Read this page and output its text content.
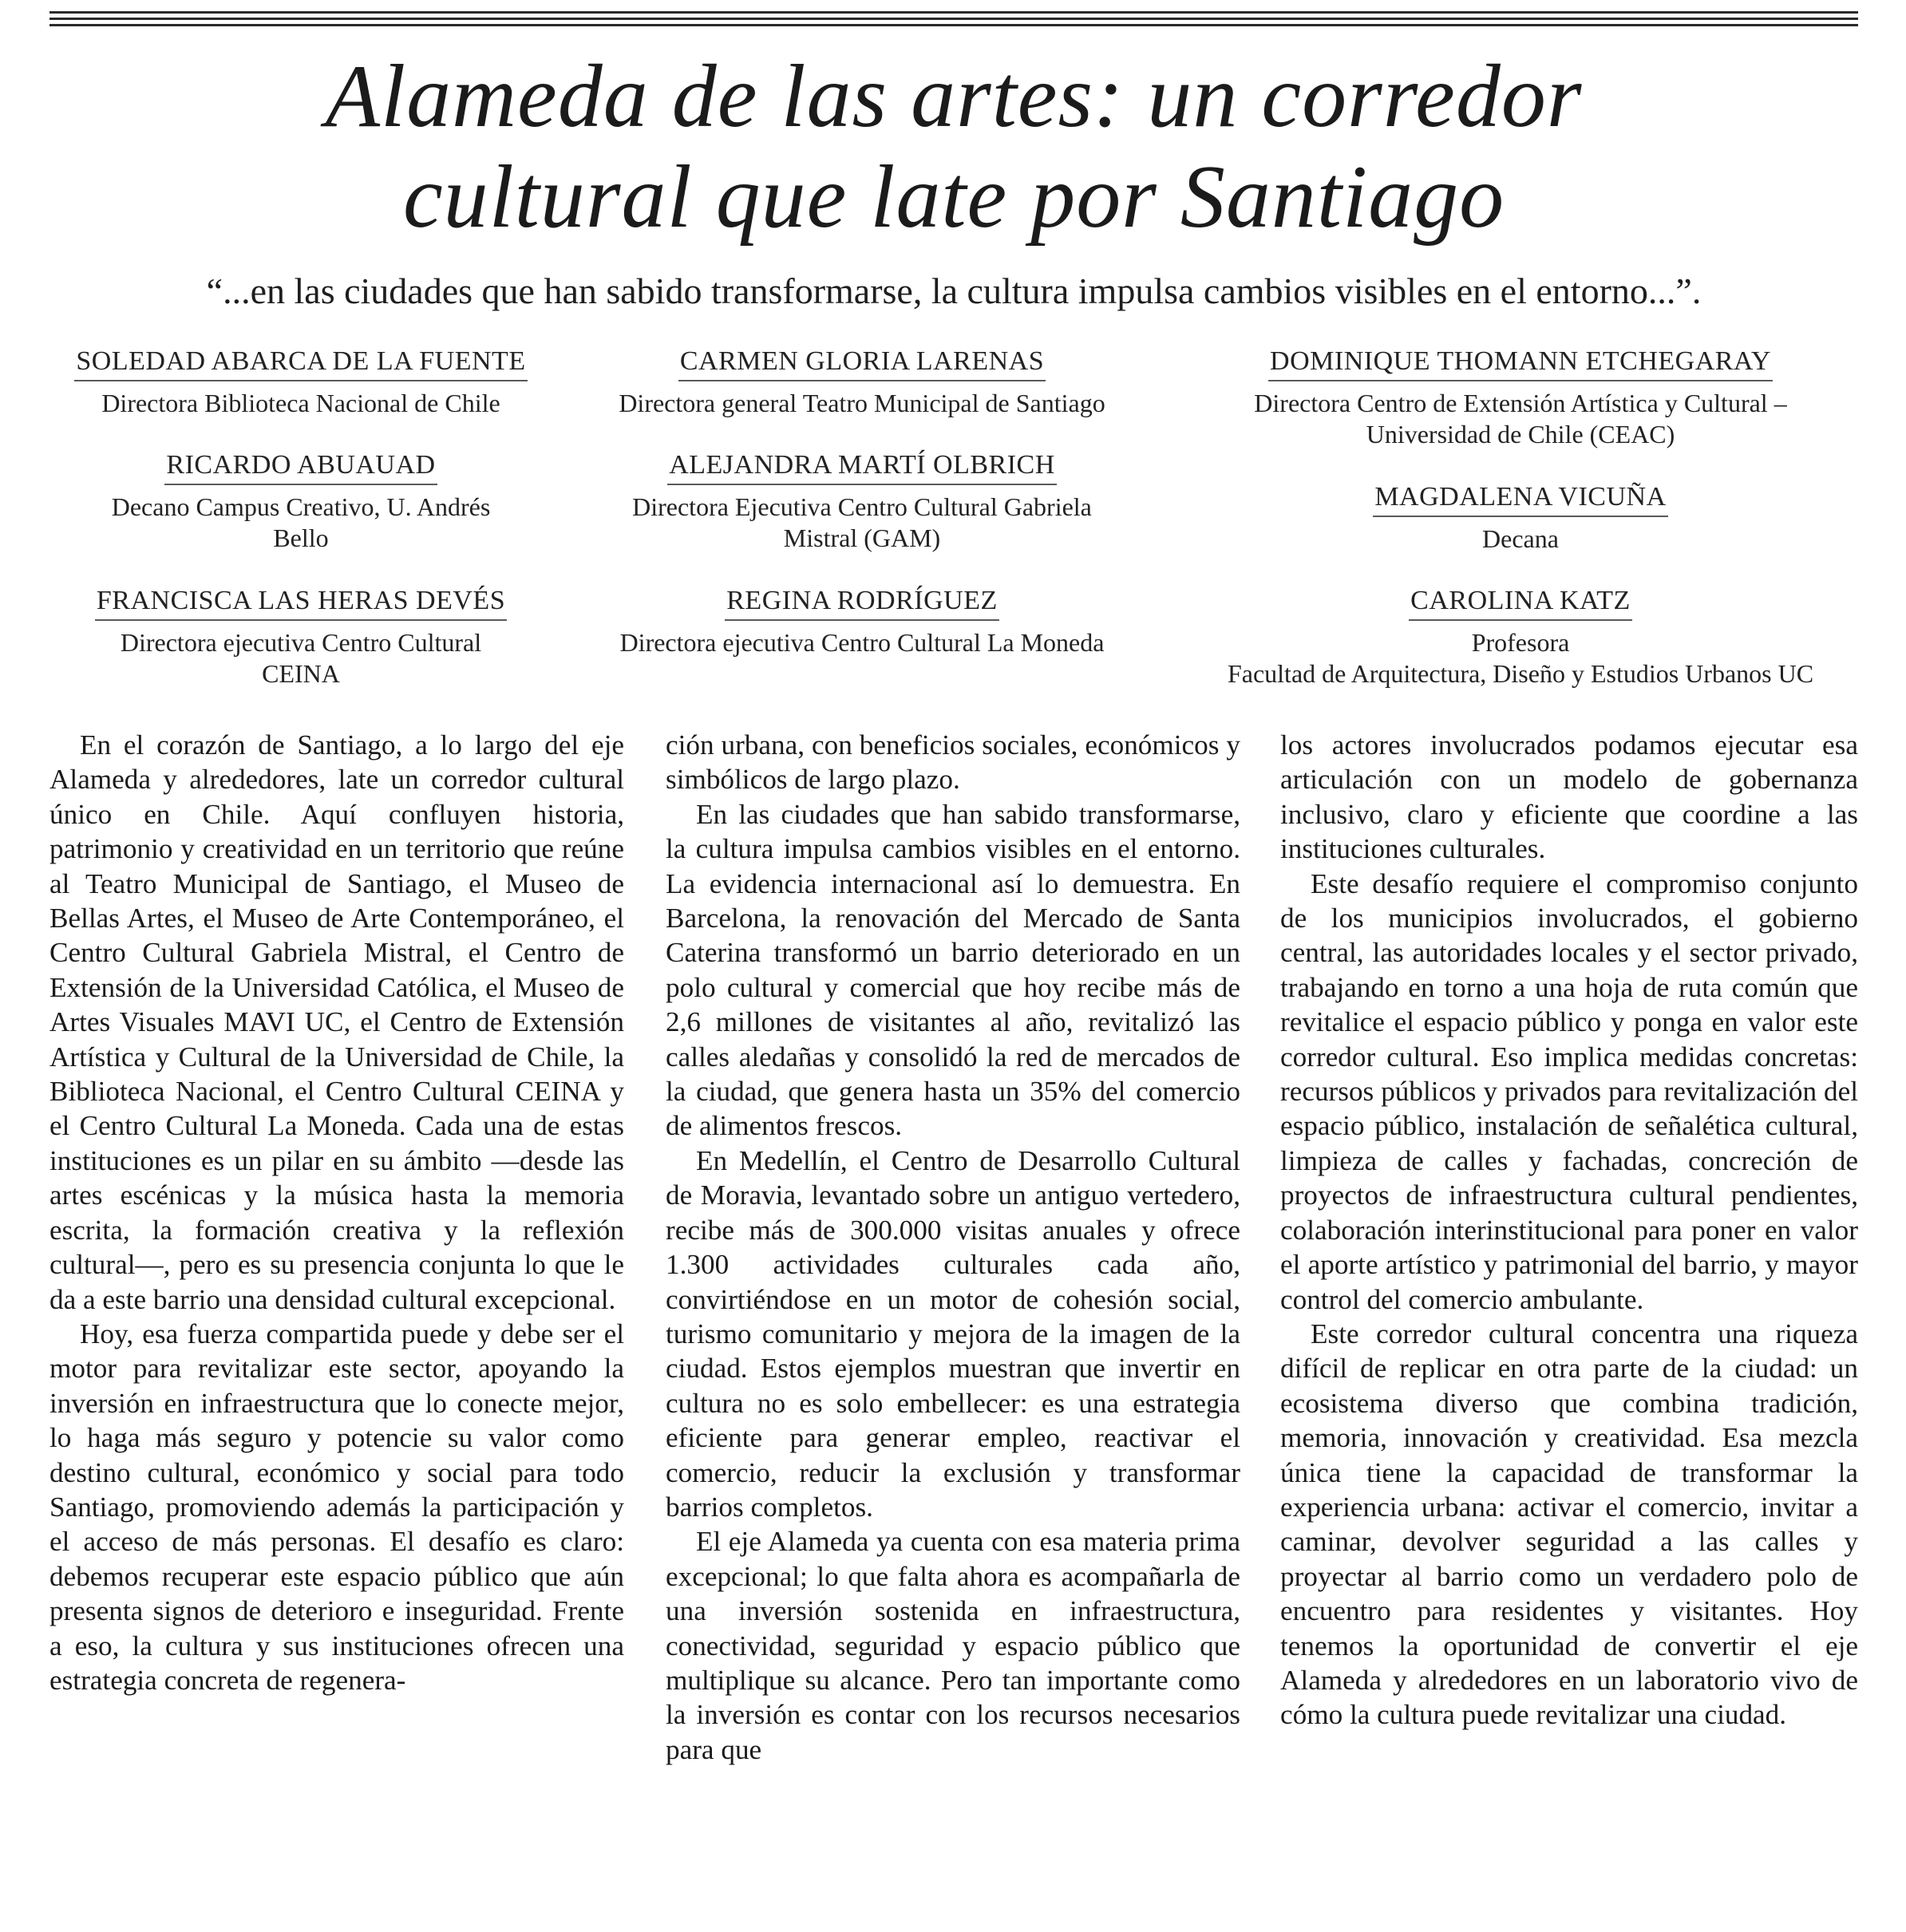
Alameda de las artes: un corredor
cultural que late por Santiago
“...en las ciudades que han sabido transformarse, la cultura impulsa cambios visibles en el entorno...”.
SOLEDAD ABARCA DE LA FUENTE
Directora Biblioteca Nacional de Chile
RICARDO ABUAUAD
Decano Campus Creativo, U. Andrés Bello
FRANCISCA LAS HERAS DEVÉS
Directora ejecutiva Centro Cultural CEINA
CARMEN GLORIA LARENAS
Directora general Teatro Municipal de Santiago
ALEJANDRA MARTÍ OLBRICH
Directora Ejecutiva Centro Cultural Gabriela Mistral (GAM)
REGINA RODRÍGUEZ
Directora ejecutiva Centro Cultural La Moneda
DOMINIQUE THOMANN ETCHEGARAY
Directora Centro de Extensión Artística y Cultural – Universidad de Chile (CEAC)
MAGDALENA VICUÑA
Decana
CAROLINA KATZ
Profesora
Facultad de Arquitectura, Diseño y Estudios Urbanos UC

En el corazón de Santiago, a lo largo del eje Alameda y alrededores, late un corredor cultural único en Chile. Aquí confluyen historia, patrimonio y creatividad en un territorio que reúne al Teatro Municipal de Santiago, el Museo de Bellas Artes, el Museo de Arte Contemporáneo, el Centro Cultural Gabriela Mistral, el Centro de Extensión de la Universidad Católica, el Museo de Artes Visuales MAVI UC, el Centro de Extensión Artística y Cultural de la Universidad de Chile, la Biblioteca Nacional, el Centro Cultural CEINA y el Centro Cultural La Moneda. Cada una de estas instituciones es un pilar en su ámbito —desde las artes escénicas y la música hasta la memoria escrita, la formación creativa y la reflexión cultural—, pero es su presencia conjunta lo que le da a este barrio una densidad cultural excepcional.

Hoy, esa fuerza compartida puede y debe ser el motor para revitalizar este sector, apoyando la inversión en infraestructura que lo conecte mejor, lo haga más seguro y potencie su valor como destino cultural, económico y social para todo Santiago, promoviendo además la participación y el acceso de más personas. El desafío es claro: debemos recuperar este espacio público que aún presenta signos de deterioro e inseguridad. Frente a eso, la cultura y sus instituciones ofrecen una estrategia concreta de regenera-

ción urbana, con beneficios sociales, económicos y simbólicos de largo plazo.

En las ciudades que han sabido transformarse, la cultura impulsa cambios visibles en el entorno. La evidencia internacional así lo demuestra. En Barcelona, la renovación del Mercado de Santa Caterina transformó un barrio deteriorado en un polo cultural y comercial que hoy recibe más de 2,6 millones de visitantes al año, revitalizó las calles aledañas y consolidó la red de mercados de la ciudad, que genera hasta un 35% del comercio de alimentos frescos.

En Medellín, el Centro de Desarrollo Cultural de Moravia, levantado sobre un antiguo vertedero, recibe más de 300.000 visitas anuales y ofrece 1.300 actividades culturales cada año, convirtiéndose en un motor de cohesión social, turismo comunitario y mejora de la imagen de la ciudad. Estos ejemplos muestran que invertir en cultura no es solo embellecer: es una estrategia eficiente para generar empleo, reactivar el comercio, reducir la exclusión y transformar barrios completos.

El eje Alameda ya cuenta con esa materia prima excepcional; lo que falta ahora es acompañarla de una inversión sostenida en infraestructura, conectividad, seguridad y espacio público que multiplique su alcance. Pero tan importante como la inversión es contar con los recursos necesarios para que

los actores involucrados podamos ejecutar esa articulación con un modelo de gobernanza inclusivo, claro y eficiente que coordine a las instituciones culturales.

Este desafío requiere el compromiso conjunto de los municipios involucrados, el gobierno central, las autoridades locales y el sector privado, trabajando en torno a una hoja de ruta común que revitalice el espacio público y ponga en valor este corredor cultural. Eso implica medidas concretas: recursos públicos y privados para revitalización del espacio público, instalación de señalética cultural, limpieza de calles y fachadas, concreción de proyectos de infraestructura cultural pendientes, colaboración interinstitucional para poner en valor el aporte artístico y patrimonial del barrio, y mayor control del comercio ambulante.

Este corredor cultural concentra una riqueza difícil de replicar en otra parte de la ciudad: un ecosistema diverso que combina tradición, memoria, innovación y creatividad. Esa mezcla única tiene la capacidad de transformar la experiencia urbana: activar el comercio, invitar a caminar, devolver seguridad a las calles y proyectar al barrio como un verdadero polo de encuentro para residentes y visitantes. Hoy tenemos la oportunidad de convertir el eje Alameda y alrededores en un laboratorio vivo de cómo la cultura puede revitalizar una ciudad.
